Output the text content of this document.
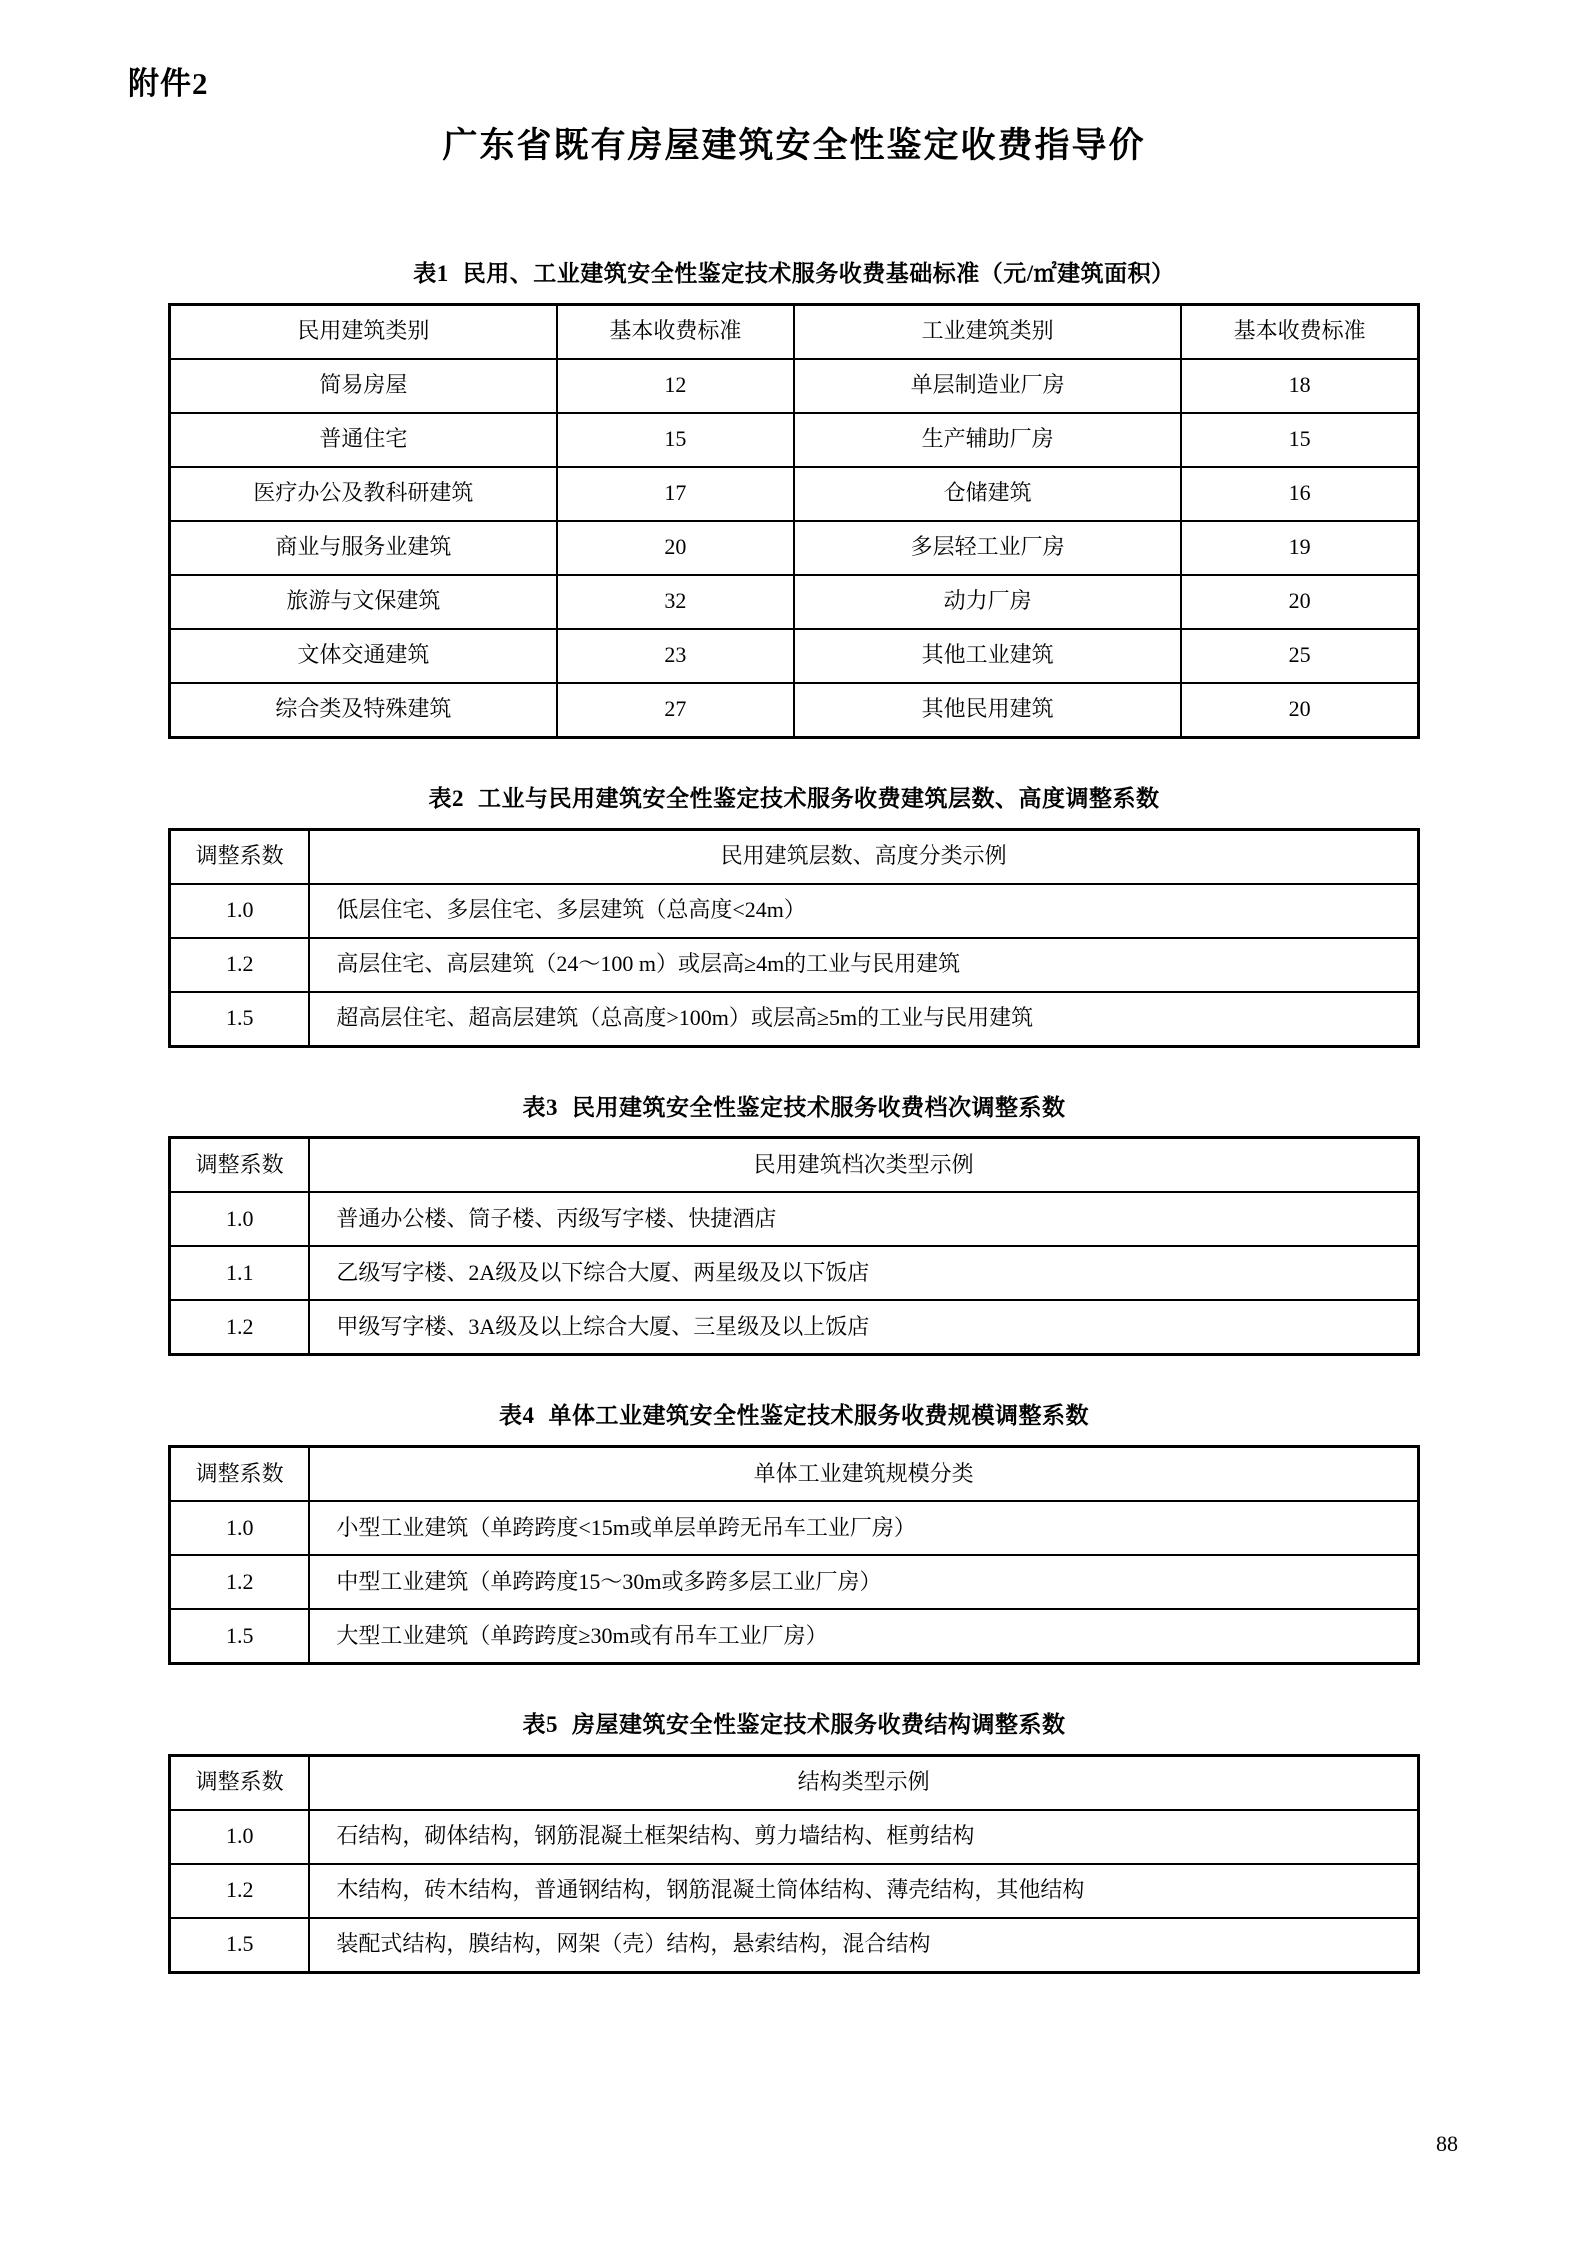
附件2
广东省既有房屋建筑安全性鉴定收费指导价
表1 民用、工业建筑安全性鉴定技术服务收费基础标准（元/㎡建筑面积）
民用建筑类别	基本收费标准	工业建筑类别	基本收费标准
简易房屋	12	单层制造业厂房	18
普通住宅	15	生产辅助厂房	15
医疗办公及教科研建筑	17	仓储建筑	16
商业与服务业建筑	20	多层轻工业厂房	19
旅游与文保建筑	32	动力厂房	20
文体交通建筑	23	其他工业建筑	25
综合类及特殊建筑	27	其他民用建筑	20
表2 工业与民用建筑安全性鉴定技术服务收费建筑层数、高度调整系数
调整系数	民用建筑层数、高度分类示例
1.0	低层住宅、多层住宅、多层建筑（总高度<24m）
1.2	高层住宅、高层建筑（24～100 m）或层高≥4m的工业与民用建筑
1.5	超高层住宅、超高层建筑（总高度>100m）或层高≥5m的工业与民用建筑
表3 民用建筑安全性鉴定技术服务收费档次调整系数
调整系数	民用建筑档次类型示例
1.0	普通办公楼、筒子楼、丙级写字楼、快捷酒店
1.1	乙级写字楼、2A级及以下综合大厦、两星级及以下饭店
1.2	甲级写字楼、3A级及以上综合大厦、三星级及以上饭店
表4 单体工业建筑安全性鉴定技术服务收费规模调整系数
调整系数	单体工业建筑规模分类
1.0	小型工业建筑（单跨跨度<15m或单层单跨无吊车工业厂房）
1.2	中型工业建筑（单跨跨度15～30m或多跨多层工业厂房）
1.5	大型工业建筑（单跨跨度≥30m或有吊车工业厂房）
表5 房屋建筑安全性鉴定技术服务收费结构调整系数
调整系数	结构类型示例
1.0	石结构，砌体结构，钢筋混凝土框架结构、剪力墙结构、框剪结构
1.2	木结构，砖木结构，普通钢结构，钢筋混凝土筒体结构、薄壳结构，其他结构
1.5	装配式结构，膜结构，网架（壳）结构，悬索结构，混合结构
88
